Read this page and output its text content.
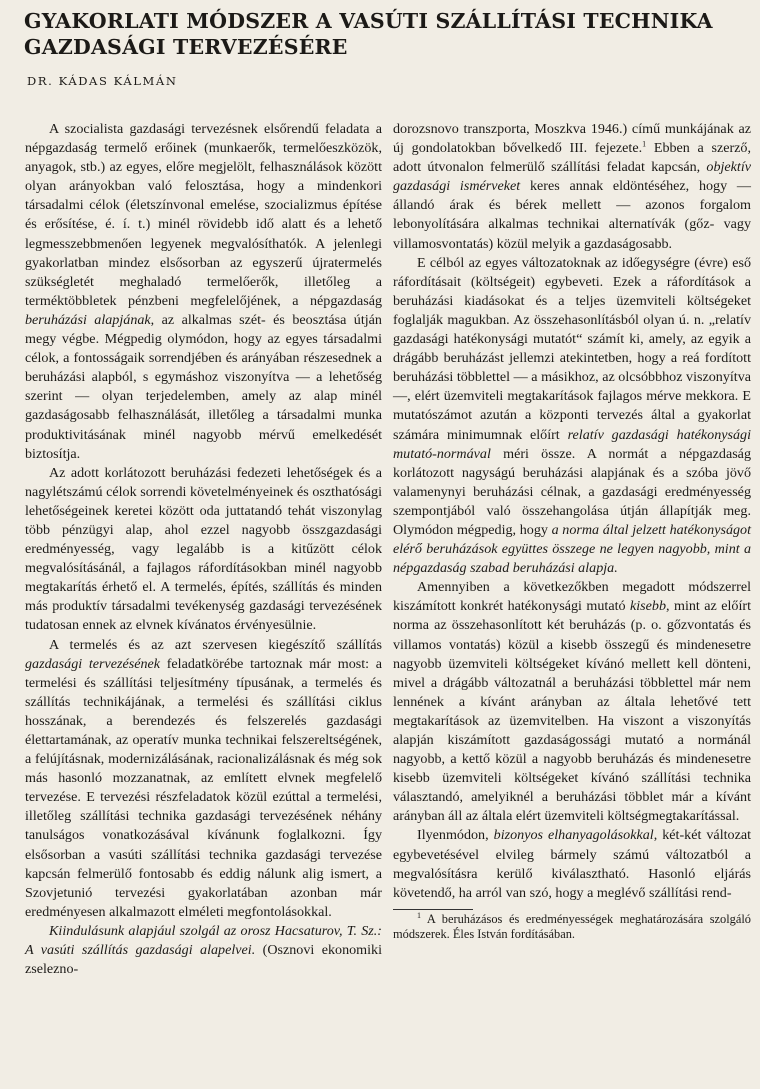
GYAKORLATI MÓDSZER A VASÚTI SZÁLLÍTÁSI TECHNIKA GAZDASÁGI TERVEZÉSÉRE

DR. KÁDAS KÁLMÁN

A szocialista gazdasági tervezésnek elsőrendű feladata a népgazdaság termelő erőinek (munkaerők, termelőeszközök, anyagok, stb.) az egyes, előre megjelölt, felhasználások között olyan arányokban való felosztása, hogy a mindenkori társadalmi célok (életszínvonal emelése, szocializmus építése és erősítése, é. í. t.) minél rövidebb idő alatt és a lehető legmesszebbmenően legyenek megvalósíthatók. A jelenlegi gyakorlatban mindez elsősorban az egyszerű újratermelés szükségletét meghaladó termelőerők, illetőleg a terméktöbbletek pénzbeni megfelelőjének, a népgazdaság beruházási alapjának, az alkalmas szét- és beosztása útján megy végbe. Mégpedig olymódon, hogy az egyes társadalmi célok, a fontosságaik sorrendjében és arányában részesednek a beruházási alapból, s egymáshoz viszonyítva — a lehetőség szerint — olyan terjedelemben, amely az alap minél gazdaságosabb felhasználását, illetőleg a társadalmi munka produktivitásának minél nagyobb mérvű emelkedését biztosítja.

Az adott korlátozott beruházási fedezeti lehetőségek és a nagylétszámú célok sorrendi követelményeinek és oszthatósági lehetőségeinek keretei között oda juttatandó tehát viszonylag több pénzügyi alap, ahol ezzel nagyobb összgazdasági eredményesség, vagy legalább is a kitűzött célok megvalósításánál, a fajlagos ráfordításokban minél nagyobb megtakarítás érhető el. A termelés, építés, szállítás és minden más produktív társadalmi tevékenység gazdasági tervezésének tudatosan ennek az elvnek kívánatos érvényesülnie.

A termelés és az azt szervesen kiegészítő szállítás gazdasági tervezésének feladatkörébe tartoznak már most: a termelési és szállítási teljesítmény típusának, a termelés és szállítás technikájának, a termelési és szállítási ciklus hosszának, a berendezés és felszerelés gazdasági élettartamának, az operatív munka technikai felszereltségének, a felújításnak, modernizálásának, racionalizálásnak és még sok más hasonló mozzanatnak, az említett elvnek megfelelő tervezése. E tervezési részfeladatok közül ezúttal a termelési, illetőleg szállítási technika gazdasági tervezésének néhány tanulságos vonatkozásával kívánunk foglalkozni. Így elsősorban a vasúti szállítási technika gazdasági tervezése kapcsán felmerülő fontosabb és eddig nálunk alig ismert, a Szovjetunió tervezési gyakorlatában azonban már eredményesen alkalmazott elméleti megfontolásokkal.

Kiindulásunk alapjául szolgál az orosz Hacsaturov, T. Sz.: A vasúti szállítás gazdasági alapelvei. (Osznovi ekonomiki zseleznо-

dorozsnovo transzporta, Moszkva 1946.) című munkájának az új gondolatokban bővelkedő III. fejezete.$^1$ Ebben a szerző, adott útvonalon felmerülő szállítási feladat kapcsán, objektív gazdasági ismérveket keres annak eldöntéséhez, hogy — állandó árak és bérek mellett — azonos forgalom lebonyolítására alkalmas technikai alternatívák (gőz- vagy villamosvontatás) közül melyik a gazdaságosabb.

E célból az egyes változatoknak az időegységre (évre) eső ráfordításait (költségeit) egybeveti. Ezek a ráfordítások a beruházási kiadásokat és a teljes üzemviteli költségeket foglalják magukban. Az összehasonlításból olyan ú. n. „relatív gazdasági hatékonysági mutatót“ számít ki, amely, az egyik a drágább beruházást jellemzi atekintetben, hogy a reá fordított beruházási többlettel — a másikhoz, az olcsóbbhoz viszonyítva —, elért üzemviteli megtakarítások fajlagos mérve mekkora. E mutatószámot azután a központi tervezés által a gyakorlat számára minimumnak előírt relatív gazdasági hatékonysági mutató-normával méri össze. A normát a népgazdaság korlátozott nagyságú beruházási alapjának és a szóba jövő valamenynyi beruházási célnak, a gazdasági eredményesség szempontjából való összehangolása útján állapítják meg. Olymódon mégpedig, hogy a norma által jelzett hatékonyságot elérő beruházások együttes összege ne legyen nagyobb, mint a népgazdaság szabad beruházási alapja.

Amennyiben a következőkben megadott módszerrel kiszámított konkrét hatékonysági mutató kisebb, mint az előírt norma az összehasonlított két beruházás (p. o. gőzvontatás és villamos vontatás) közül a kisebb összegű és mindenesetre nagyobb üzemviteli költségeket kívánó mellett kell dönteni, mivel a drágább változatnál a beruházási többlettel már nem lennének a kívánt arányban az általa lehetővé tett megtakarítások az üzemvitelben. Ha viszont a viszonyítás alapján kiszámított gazdaságossági mutató a normánál nagyobb, a kettő közül a nagyobb beruházás és mindenesetre kisebb üzemviteli költségeket kívánó szállítási technika választandó, amelyiknél a beruházási többlet már a kívánt arányban áll az általa elért üzemviteli költségmegtakarítással.

Ilyenmódon, bizonyos elhanyagolásokkal, két-két változat egybevetésével elvileg bármely számú változatból a megvalósításra kerülő kiválasztható. Hasonló eljárás követendő, ha arról van szó, hogy a meglévő szállítási rend-

$^1$ A beruházásos és eredményességek meghatározására szolgáló módszerek. Éles István fordításában.
